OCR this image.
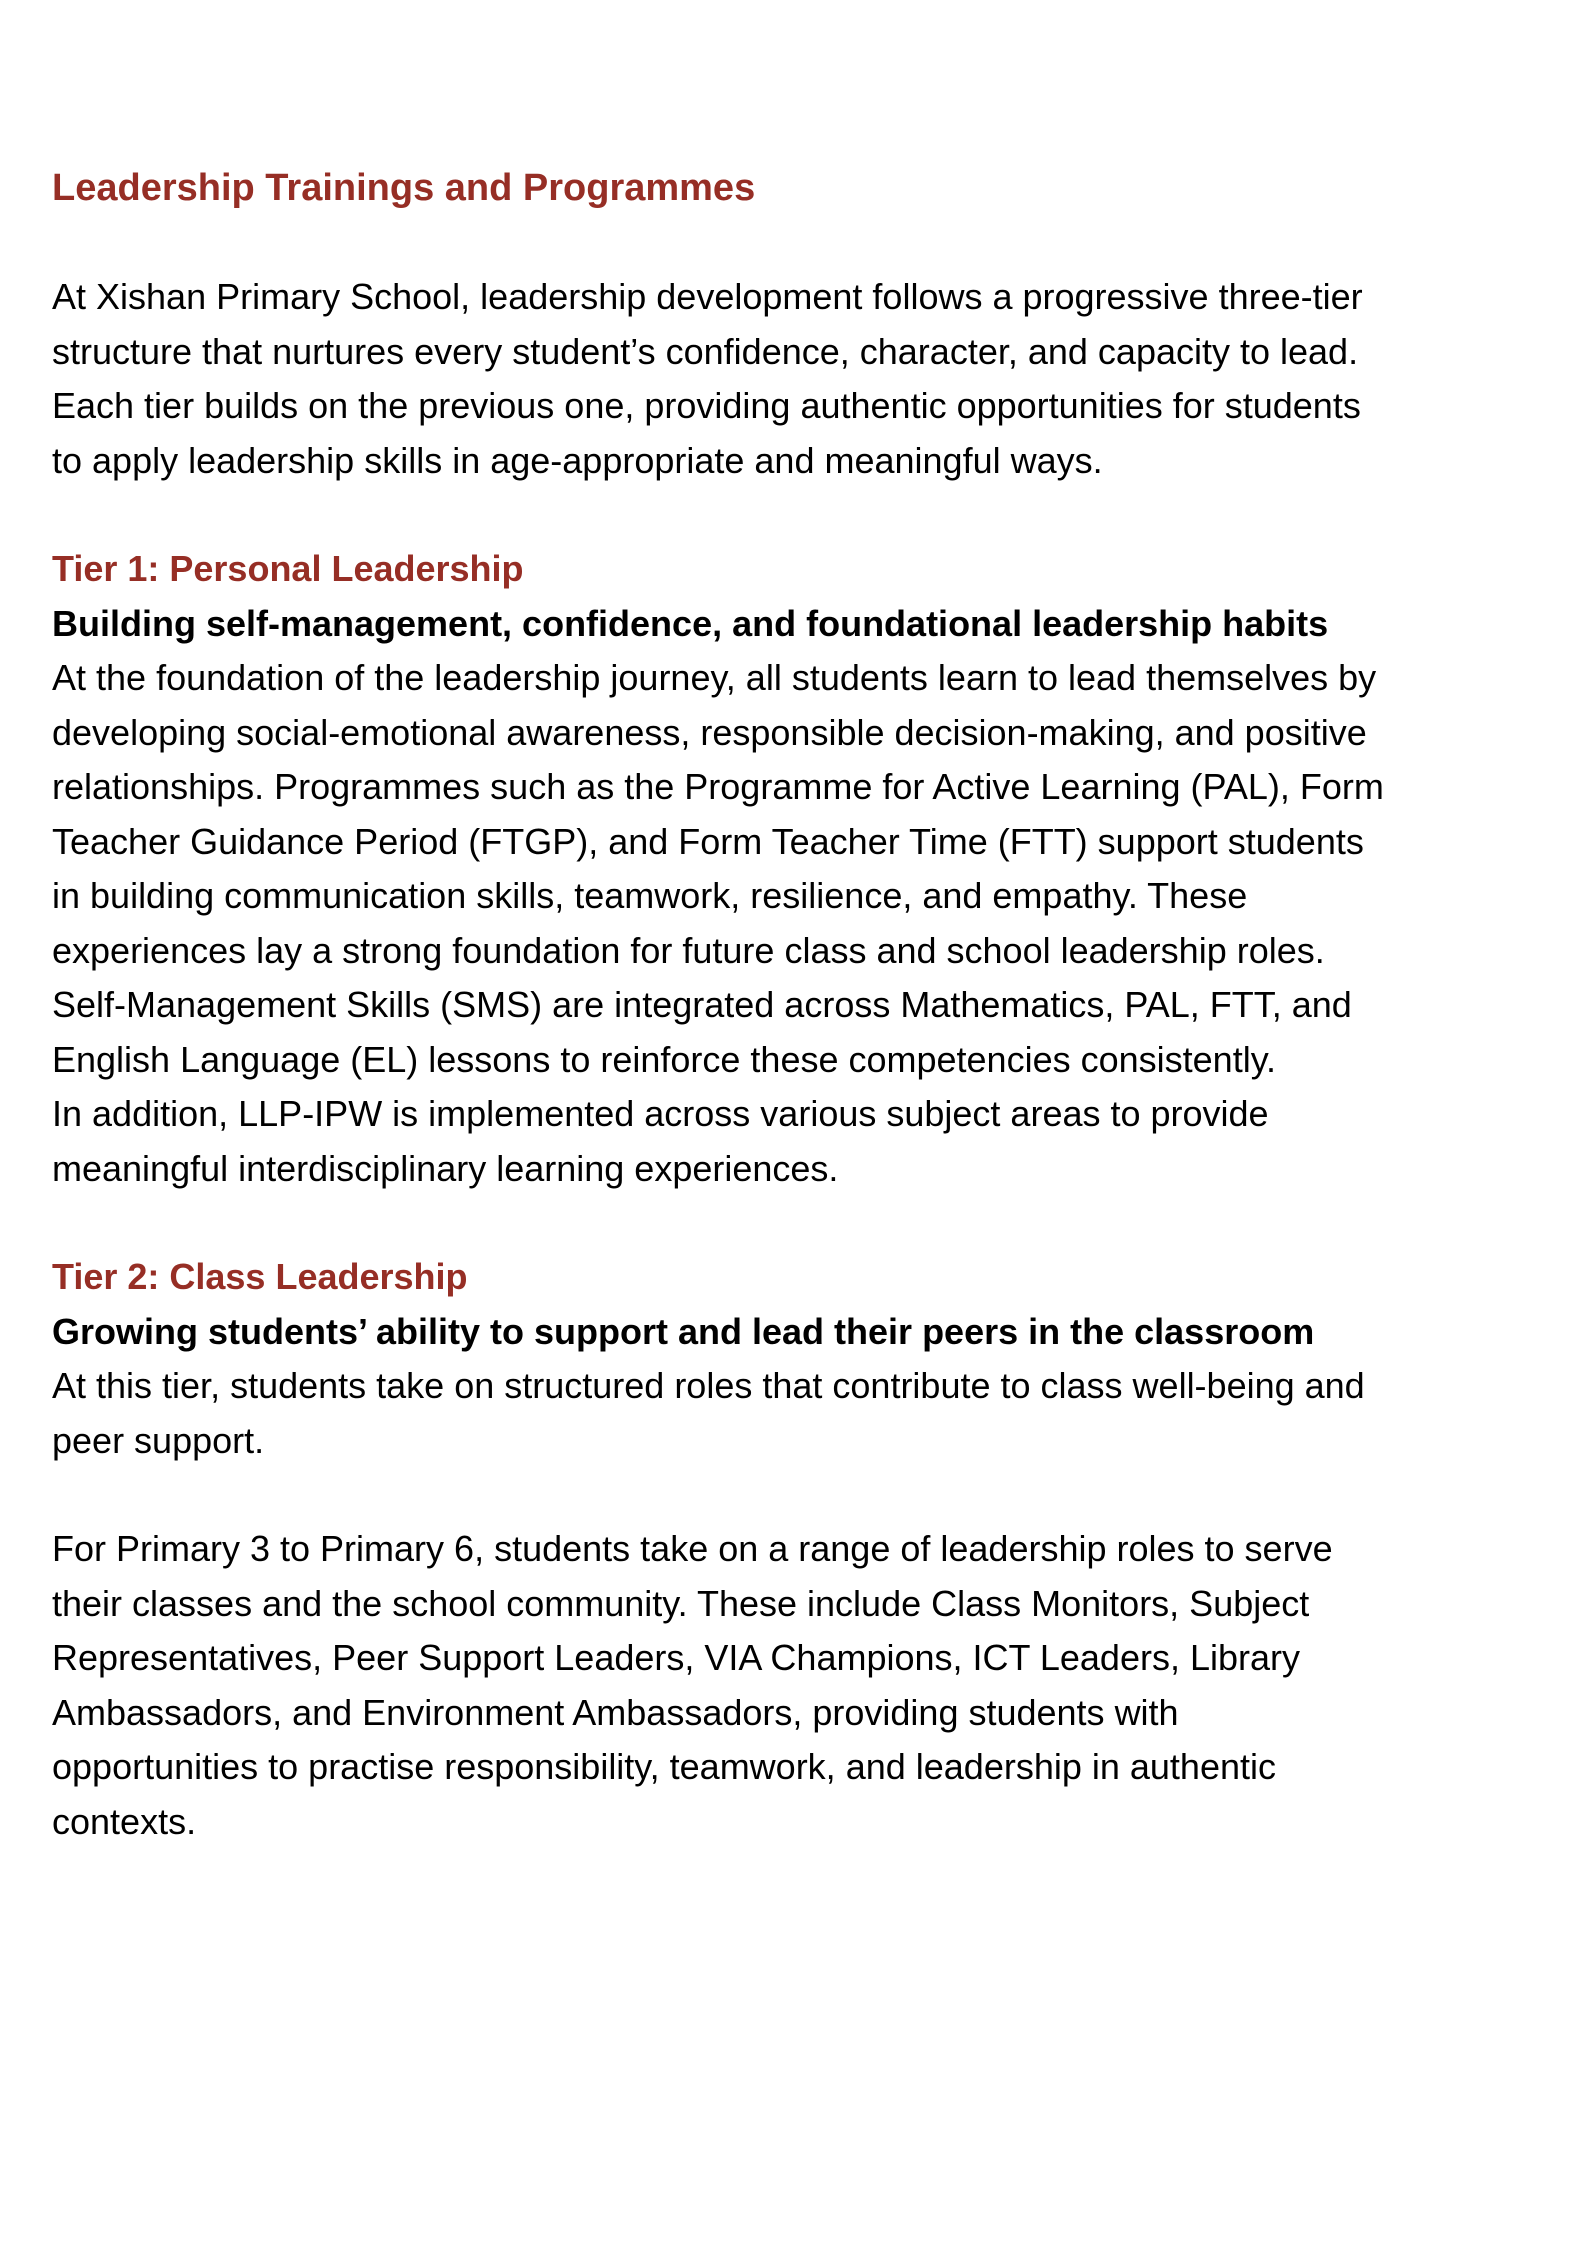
Leadership Trainings and Programmes
At Xishan Primary School, leadership development follows a progressive three-tier
structure that nurtures every student’s confidence, character, and capacity to lead.
Each tier builds on the previous one, providing authentic opportunities for students
to apply leadership skills in age-appropriate and meaningful ways.
Tier 1: Personal Leadership
Building self-management, confidence, and foundational leadership habits
At the foundation of the leadership journey, all students learn to lead themselves by
developing social-emotional awareness, responsible decision-making, and positive
relationships. Programmes such as the Programme for Active Learning (PAL), Form
Teacher Guidance Period (FTGP), and Form Teacher Time (FTT) support students
in building communication skills, teamwork, resilience, and empathy. These
experiences lay a strong foundation for future class and school leadership roles.
Self-Management Skills (SMS) are integrated across Mathematics, PAL, FTT, and
English Language (EL) lessons to reinforce these competencies consistently.
In addition, LLP-IPW is implemented across various subject areas to provide
meaningful interdisciplinary learning experiences.
Tier 2: Class Leadership
Growing students’ ability to support and lead their peers in the classroom
At this tier, students take on structured roles that contribute to class well-being and
peer support.
For Primary 3 to Primary 6, students take on a range of leadership roles to serve
their classes and the school community. These include Class Monitors, Subject
Representatives, Peer Support Leaders, VIA Champions, ICT Leaders, Library
Ambassadors, and Environment Ambassadors, providing students with
opportunities to practise responsibility, teamwork, and leadership in authentic
contexts.
